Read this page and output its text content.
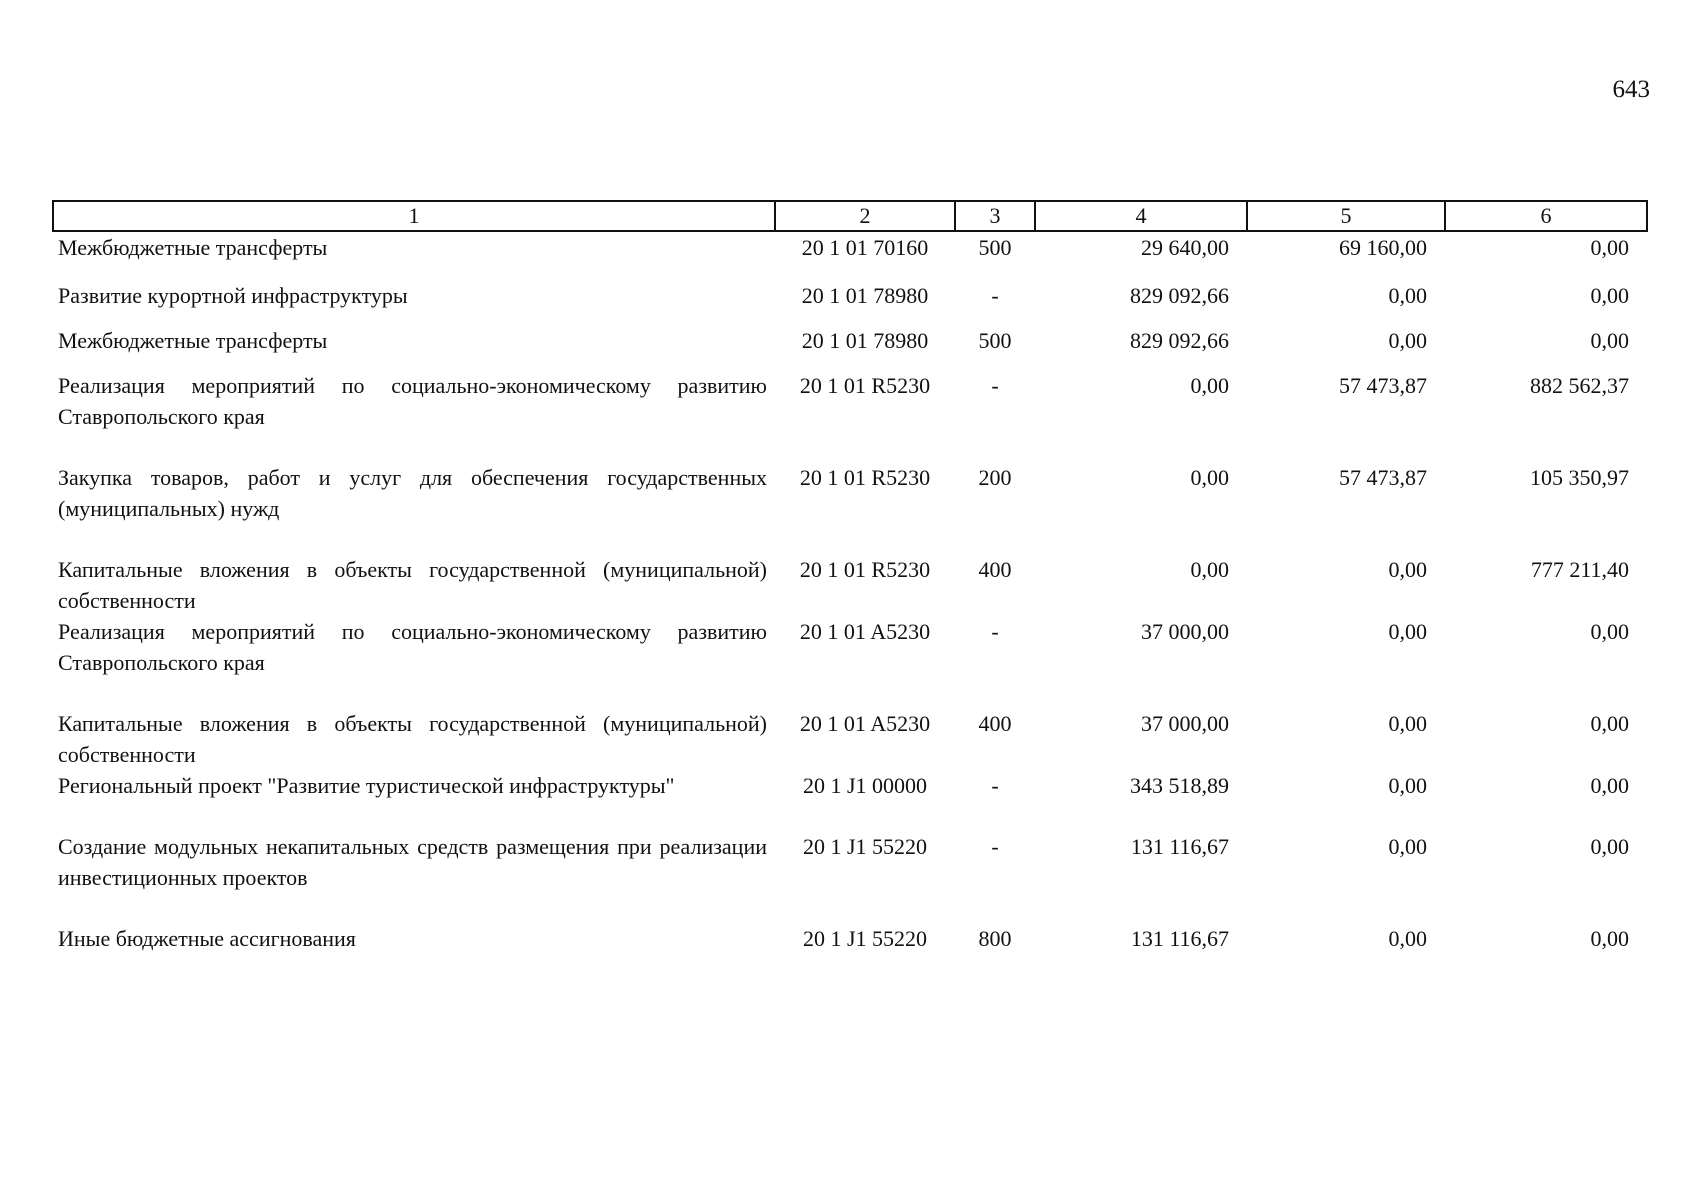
643
1	2	3	4	5	6
Межбюджетные трансферты	20 1 01 70160	500	29 640,00	69 160,00	0,00
Развитие курортной инфраструктуры	20 1 01 78980	-	829 092,66	0,00	0,00
Межбюджетные трансферты	20 1 01 78980	500	829 092,66	0,00	0,00
Реализация мероприятий по социально-экономическому развитию Ставропольского края	20 1 01 R5230	-	0,00	57 473,87	882 562,37
Закупка товаров, работ и услуг для обеспечения государственных (муниципальных) нужд	20 1 01 R5230	200	0,00	57 473,87	105 350,97
Капитальные вложения в объекты государственной (муниципальной) собственности	20 1 01 R5230	400	0,00	0,00	777 211,40
Реализация мероприятий по социально-экономическому развитию Ставропольского края	20 1 01 A5230	-	37 000,00	0,00	0,00
Капитальные вложения в объекты государственной (муниципальной) собственности	20 1 01 A5230	400	37 000,00	0,00	0,00
Региональный проект "Развитие туристической инфраструктуры"	20 1 J1 00000	-	343 518,89	0,00	0,00
Создание модульных некапитальных средств размещения при реализации инвестиционных проектов	20 1 J1 55220	-	131 116,67	0,00	0,00
Иные бюджетные ассигнования	20 1 J1 55220	800	131 116,67	0,00	0,00
